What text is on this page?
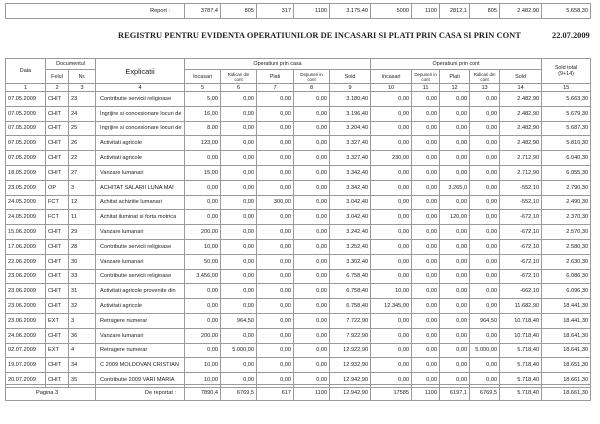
Report :	3787,4	805	317	1100	3.175,40	5000	1100	2812,1	805	2.482,90	5.658,30
REGISTRU PENTRU EVIDENTA OPERATIUNILOR DE INCASARI SI PLATI PRIN CASA SI PRIN CONT	22.07.2009
Data	Documentul		Explicatii	Operatiuni prin casa					Operatiuni prin cont					Sold total
(9+14)

	Felul	Nr.		Incasari	Ridicari din cont	Plati	Depuneri in cont	Sold	Incasari	Depuneri in cont	Plati	Ridicari din cont	Sold	
1	2	3	4	5	6	7	8	9	10	11	12	13	14	15
07.05.2009	CHIT	23	Contributie servicii religioase	5,00	0,00	0,00	0,00	3.180,40	0,00	0,00	0,00	0,00	2.482,90	5.663,30
07.05.2009	CHIT	24	Ingrijire si concesionare locuri de	16,00	0,00	0,00	0,00	3.196,40	0,00	0,00	0,00	0,00	2.482,90	5.679,30
07.05.2009	CHIT	25	Ingrijire si concesionare locuri de	8,00	0,00	0,00	0,00	3.204,40	0,00	0,00	0,00	0,00	2.482,90	5.687,30
07.05.2009	CHIT	26	Activitati agricole	123,00	0,00	0,00	0,00	3.327,40	0,00	0,00	0,00	0,00	2.482,90	5.810,30
07.05.2009	CHIT	22	Activitati agricole	0,00	0,00	0,00	0,00	3.327,40	230,00	0,00	0,00	0,00	2.712,90	6.040,30
18.05.2009	CHIT	27	Vanzare lumanari	15,00	0,00	0,00	0,00	3.342,40	0,00	0,00	0,00	0,00	2.712,90	6.055,30
23.05.2009	OP	3	ACHITAT SALARII LUNA MAI	0,00	0,00	0,00	0,00	3.342,40	0,00	0,00	3.265,0	0,00	-552,10	2.790,30
24.05.2009	FCT	12	Achitat achizitie lumanari	0,00	0,00	300,00	0,00	3.042,40	0,00	0,00	0,00	0,00	-552,10	2.490,30
24.05.2009	FCT	11	Achitat iluminat si forta motrica	0,00	0,00	0,00	0,00	3.042,40	0,00	0,00	120,00	0,00	-672,10	2.370,30
15.06.2009	CHIT	29	Vanzare lumanari	200,00	0,00	0,00	0,00	3.242,40	0,00	0,00	0,00	0,00	-672,10	2.570,30
17.06.2009	CHIT	28	Contributie servicii religioase	10,00	0,00	0,00	0,00	3.252,40	0,00	0,00	0,00	0,00	-672,10	2.580,30
22.06.2009	CHIT	30	Vanzare lumanari	50,00	0,00	0,00	0,00	3.302,40	0,00	0,00	0,00	0,00	-672,10	2.630,30
23.06.2009	CHIT	33	Contributie servicii religioase	3.456,00	0,00	0,00	0,00	6.758,40	0,00	0,00	0,00	0,00	-672,10	6.086,30
23.06.2009	CHIT	31	Activitati agricole provenite din	0,00	0,00	0,00	0,00	6.758,40	10,00	0,00	0,00	0,00	-662,10	6.096,30
23.06.2009	CHIT	32	Activitati agricole	0,00	0,00	0,00	0,00	6.758,40	12.345,00	0,00	0,00	0,00	11.682,90	18.441,30
23.06.2009	EXT	3	Retragere numerar	0,00	964,50	0,00	0,00	7.722,90	0,00	0,00	0,00	964,50	10.718,40	18.441,30
24.06.2009	CHIT	36	Vanzare lumanari	200,00	0,00	0,00	0,00	7.922,90	0,00	0,00	0,00	0,00	10.718,40	18.641,30
02.07.2009	EXT	4	Retragere numerar	0,00	5.000,00	0,00	0,00	12.922,90	0,00	0,00	0,00	5.000,00	5.718,40	18.641,30
19.07.2009	CHIT	34	C 2009 MOLDOVAN CRISTIAN	10,00	0,00	0,00	0,00	12.932,90	0,00	0,00	0,00	0,00	5.718,40	18.651,30
20.07.2009	CHIT	35	Contributie 2009 VARI MARIA	10,00	0,00	0,00	0,00	12.942,90	0,00	0,00	0,00	0,00	5.718,40	18.661,30
Pagina 3	De reportat :	7890,4	6769,5	617	1100	12.942,90	17585	1100	6197,1	6769,5	5.718,40	18.661,30
